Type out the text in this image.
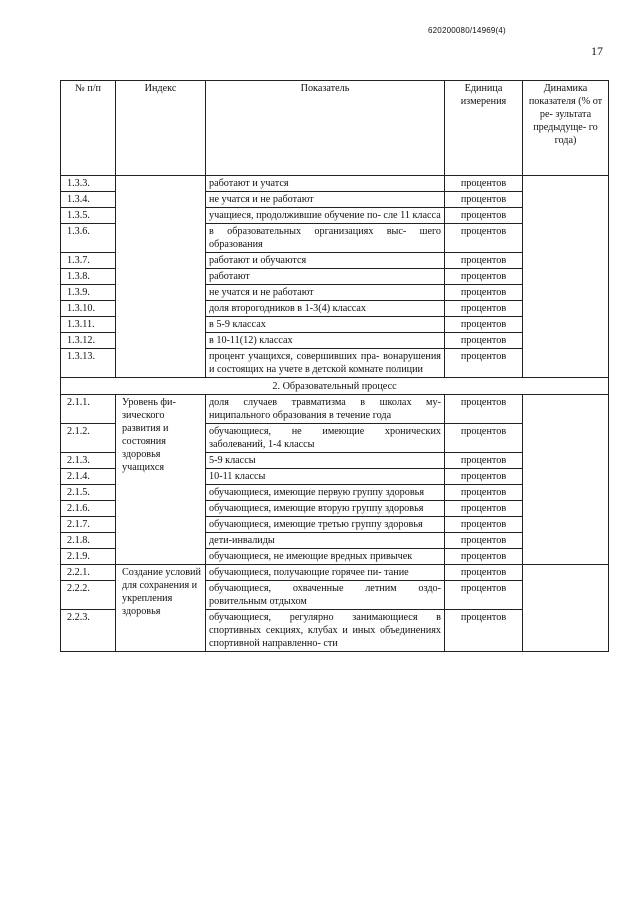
620200080/14969(4)
17
№ п/п	Индекс	Показатель	Единица измерения	Динамика показателя (% от ре- зультата предыдуще- го года)
1.3.3.		работают и учатся	процентов	
1.3.4.		не учатся и не работают	процентов	
1.3.5.		учащиеся, продолжившие обучение по- сле 11 класса	процентов	
1.3.6.		в образовательных организациях выс- шего образования	процентов	
1.3.7.		работают и обучаются	процентов	
1.3.8.		работают	процентов	
1.3.9.		не учатся и не работают	процентов	
1.3.10.		доля второгодников в 1-3(4) классах	процентов	
1.3.11.		в 5-9 классах	процентов	
1.3.12.		в 10-11(12) классах	процентов	
1.3.13.		процент учащихся, совершивших пра- вонарушения и состоящих на учете в детской комнате полиции	процентов	
2. Образовательный процесс				
2.1.1.	Уровень фи- зического развития и состояния здоровья учащихся	доля случаев травматизма в школах му- ниципального образования в течение года	процентов	
2.1.2.		обучающиеся, не имеющие хронических заболеваний, 1-4 классы	процентов	
2.1.3.		5-9 классы	процентов	
2.1.4.		10-11 классы	процентов	
2.1.5.		обучающиеся, имеющие первую группу здоровья	процентов	
2.1.6.		обучающиеся, имеющие вторую группу здоровья	процентов	
2.1.7.		обучающиеся, имеющие третью группу здоровья	процентов	
2.1.8.		дети-инвалиды	процентов	
2.1.9.		обучающиеся, не имеющие вредных привычек	процентов	
2.2.1.	Создание условий для сохранения и укрепления здоровья	обучающиеся, получающие горячее пи- тание	процентов	
2.2.2.		обучающиеся, охваченные летним оздо- ровительным отдыхом	процентов	
2.2.3.		обучающиеся, регулярно занимающиеся в спортивных секциях, клубах и иных объединениях спортивной направленно- сти	процентов	
